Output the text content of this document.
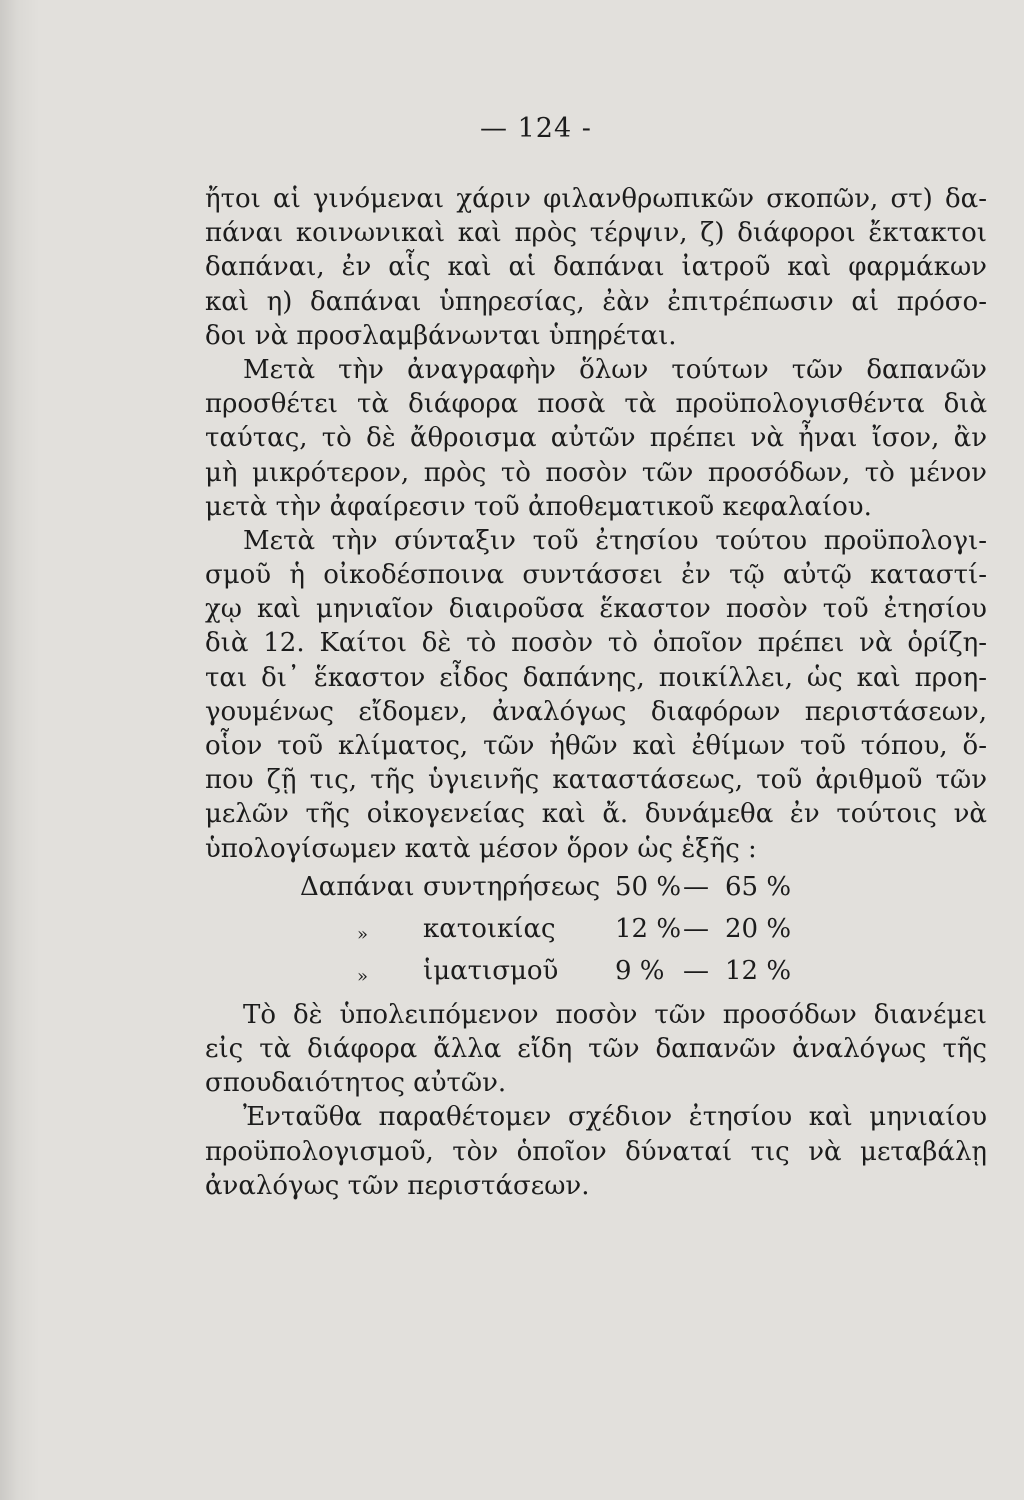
— 124 -
ἤτοι αἱ γινόμεναι χάριν φιλανθρωπικῶν σκοπῶν, στ) δα-
πάναι κοινωνικαὶ καὶ πρὸς τέρψιν, ζ) διάφοροι ἔκτακτοι
δαπάναι, ἐν αἷς καὶ αἱ δαπάναι ἰατροῦ καὶ φαρμάκων
καὶ η) δαπάναι ὑπηρεσίας, ἐὰν ἐπιτρέπωσιν αἱ πρόσο-
δοι νὰ προσλαμβάνωνται ὑπηρέται.
Μετὰ τὴν ἀναγραφὴν ὅλων τούτων τῶν δαπανῶν
προσθέτει τὰ διάφορα ποσὰ τὰ προϋπολογισθέντα διὰ
ταύτας, τὸ δὲ ἄθροισμα αὐτῶν πρέπει νὰ ἦναι ἴσον, ἂν
μὴ μικρότερον, πρὸς τὸ ποσὸν τῶν προσόδων, τὸ μένον
μετὰ τὴν ἀφαίρεσιν τοῦ ἀποθεματικοῦ κεφαλαίου.
Μετὰ τὴν σύνταξιν τοῦ ἐτησίου τούτου προϋπολογι-
σμοῦ ἡ οἰκοδέσποινα συντάσσει ἐν τῷ αὐτῷ καταστί-
χῳ καὶ μηνιαῖον διαιροῦσα ἕκαστον ποσὸν τοῦ ἐτησίου
διὰ 12. Καίτοι δὲ τὸ ποσὸν τὸ ὁποῖον πρέπει νὰ ὁρίζη-
ται δι᾽ ἕκαστον εἶδος δαπάνης, ποικίλλει, ὡς καὶ προη-
γουμένως εἴδομεν, ἀναλόγως διαφόρων περιστάσεων,
οἷον τοῦ κλίματος, τῶν ἠθῶν καὶ ἐθίμων τοῦ τόπου, ὅ-
που ζῇ τις, τῆς ὑγιεινῆς καταστάσεως, τοῦ ἀριθμοῦ τῶν
μελῶν τῆς οἰκογενείας καὶ ἄ. δυνάμεθα ἐν τούτοις νὰ
ὑπολογίσωμεν κατὰ μέσον ὅρον ὡς ἑξῆς :
Δαπάναι συντηρήσεως 50 % 65 %
—
» κατοικίας 12 % 20 %
—
» ἱματισμοῦ 9 % 12 %
—
Τὸ δὲ ὑπολειπόμενον ποσὸν τῶν προσόδων διανέμει
εἰς τὰ διάφορα ἄλλα εἴδη τῶν δαπανῶν ἀναλόγως τῆς
σπουδαιότητος αὐτῶν.
Ἐνταῦθα παραθέτομεν σχέδιον ἐτησίου καὶ μηνιαίου
προϋπολογισμοῦ, τὸν ὁποῖον δύναταί τις νὰ μεταβάλῃ
ἀναλόγως τῶν περιστάσεων.
